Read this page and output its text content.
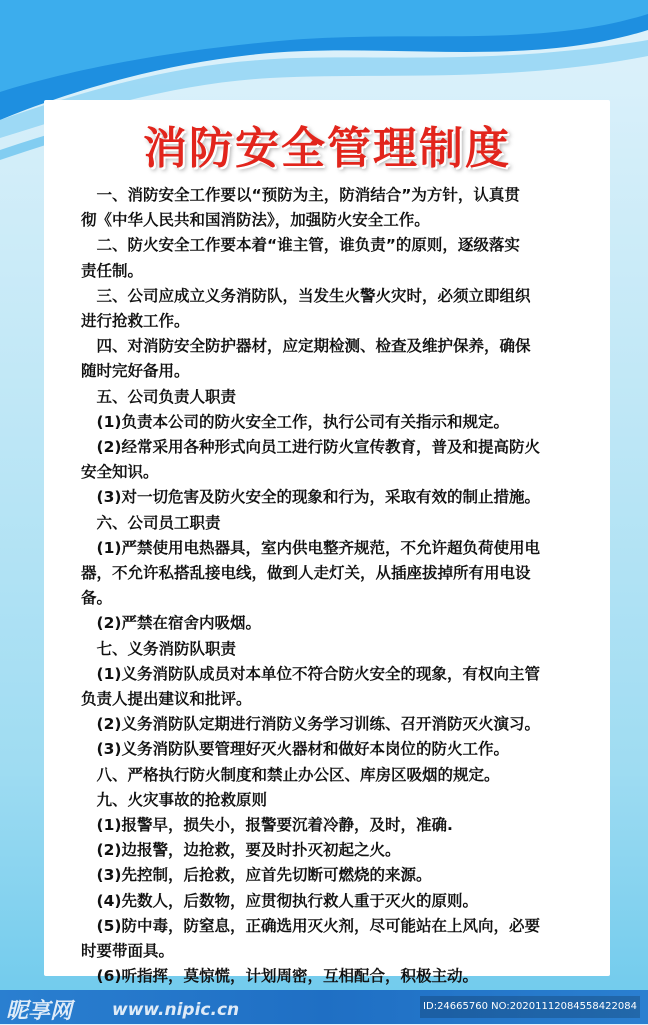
消防安全管理制度
　一、消防安全工作要以“预防为主，防消结合”为方针，认真贯
彻《中华人民共和国消防法》，加强防火安全工作。
　二、防火安全工作要本着“谁主管，谁负责”的原则，逐级落实
责任制。
　三、公司应成立义务消防队，当发生火警火灾时，必须立即组织
进行抢救工作。
　四、对消防安全防护器材，应定期检测、检查及维护保养，确保
随时完好备用。
　五、公司负责人职责
　(1)负责本公司的防火安全工作，执行公司有关指示和规定。
　(2)经常采用各种形式向员工进行防火宣传教育，普及和提高防火
安全知识。
　(3)对一切危害及防火安全的现象和行为，采取有效的制止措施。
　六、公司员工职责
　(1)严禁使用电热器具，室内供电整齐规范，不允许超负荷使用电
器，不允许私搭乱接电线，做到人走灯关，从插座拔掉所有用电设
备。
　(2)严禁在宿舍内吸烟。
　七、义务消防队职责
　(1)义务消防队成员对本单位不符合防火安全的现象，有权向主管
负责人提出建议和批评。
　(2)义务消防队定期进行消防义务学习训练、召开消防灭火演习。
　(3)义务消防队要管理好灭火器材和做好本岗位的防火工作。
　八、严格执行防火制度和禁止办公区、库房区吸烟的规定。
　九、火灾事故的抢救原则
　(1)报警早，损失小，报警要沉着冷静，及时，准确.
　(2)边报警，边抢救，要及时扑灭初起之火。
　(3)先控制，后抢救，应首先切断可燃烧的来源。
　(4)先数人，后数物，应贯彻执行救人重于灭火的原则。
　(5)防中毒，防窒息，正确选用灭火剂，尽可能站在上风向，必要
时要带面具。
　(6)听指挥，莫惊慌，计划周密，互相配合，积极主动。
昵享网 www.nipic.cn	ID:24665760 NO:20201112084558422084
